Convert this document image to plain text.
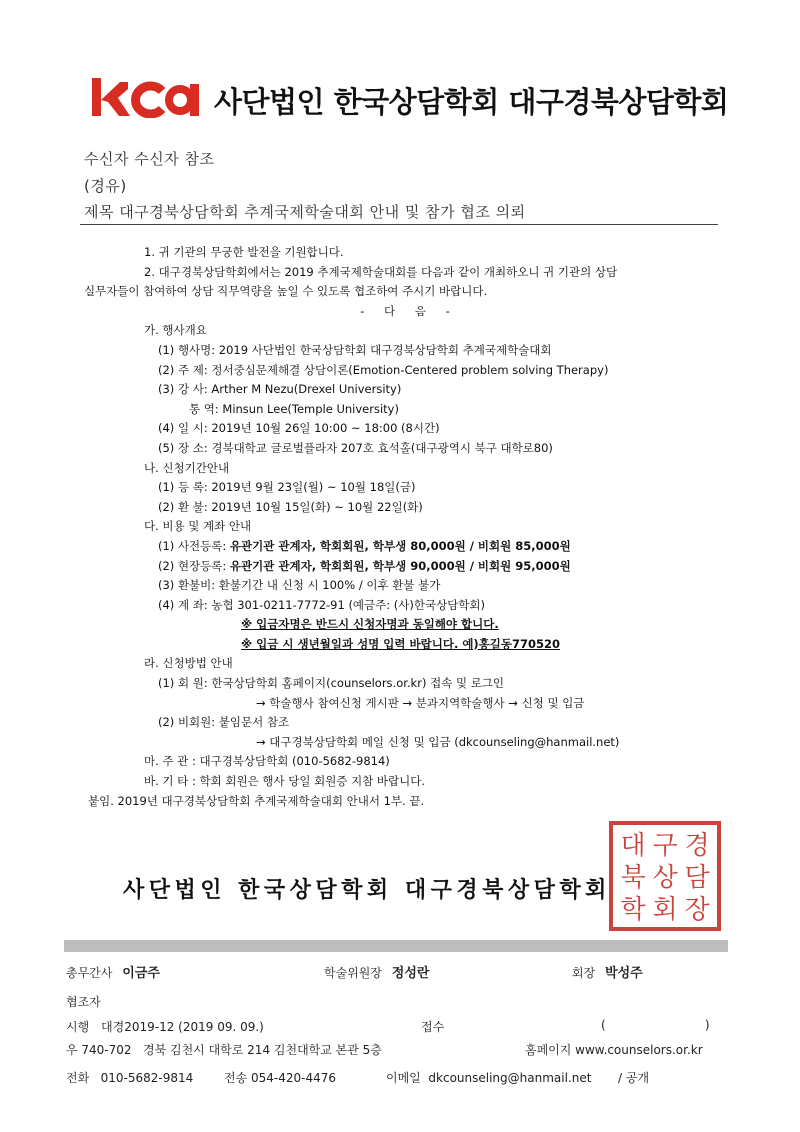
사단법인 한국상담학회 대구경북상담학회
수신자 수신자 참조
(경유)
제목 대구경북상담학회 추계국제학술대회 안내 및 참가 협조 의뢰
1. 귀 기관의 무궁한 발전을 기원합니다.
2. 대구경북상담학회에서는 2019 추계국제학술대회를 다음과 같이 개최하오니 귀 기관의 상담
실무자들이 참여하여 상담 직무역량을 높일 수 있도록 협조하여 주시기 바랍니다.
- 다 음 -
가. 행사개요
(1) 행사명: 2019 사단법인 한국상담학회 대구경북상담학회 추계국제학술대회
(2) 주 제: 정서중심문제해결 상담이론(Emotion-Centered problem solving Therapy)
(3) 강 사: Arther M Nezu(Drexel University)
통 역: Minsun Lee(Temple University)
(4) 일 시: 2019년 10월 26일 10:00 ~ 18:00 (8시간)
(5) 장 소: 경북대학교 글로벌플라자 207호 효석홀(대구광역시 북구 대학로80)
나. 신청기간안내
(1) 등 록: 2019년 9월 23일(월) ~ 10월 18일(금)
(2) 환 불: 2019년 10월 15일(화) ~ 10월 22일(화)
다. 비용 및 계좌 안내
(1) 사전등록: 유관기관 관계자, 학회회원, 학부생 80,000원 / 비회원 85,000원
(2) 현장등록: 유관기관 관계자, 학회회원, 학부생 90,000원 / 비회원 95,000원
(3) 환불비: 환불기간 내 신청 시 100% / 이후 환불 불가
(4) 계 좌: 농협 301-0211-7772-91 (예금주: (사)한국상담학회)
※ 입금자명은 반드시 신청자명과 동일해야 합니다.
※ 입금 시 생년월일과 성명 입력 바랍니다. 예)홍길동770520
라. 신청방법 안내
(1) 회 원: 한국상담학회 홈페이지(counselors.or.kr) 접속 및 로그인
→ 학술행사 참여신청 게시판 → 분과지역학술행사 → 신청 및 입금
(2) 비회원: 붙임문서 참조
→ 대구경북상담학회 메일 신청 및 입금 (dkcounseling@hanmail.net)
마. 주 관 : 대구경북상담학회 (010-5682-9814)
바. 기 타 : 학회 회원은 행사 당일 회원증 지참 바랍니다.
붙임. 2019년 대구경북상담학회 추계국제학술대회 안내서 1부. 끝.
대 구 경
북 상 담
학 회 장
사단법인 한국상담학회 대구경북상담학회
총무간사 이금주	학술위원장 정성란	회장 박성주
협조자
시행 대경2019-12 (2019 09. 09.)	접수	(                          )
우 740-702   경북 김천시 대학로 214 김천대학교 본관 5층	홈페이지 www.counselors.or.kr
전화   010-5682-9814	전송 054-420-4476	이메일  dkcounseling@hanmail.net / 공개
